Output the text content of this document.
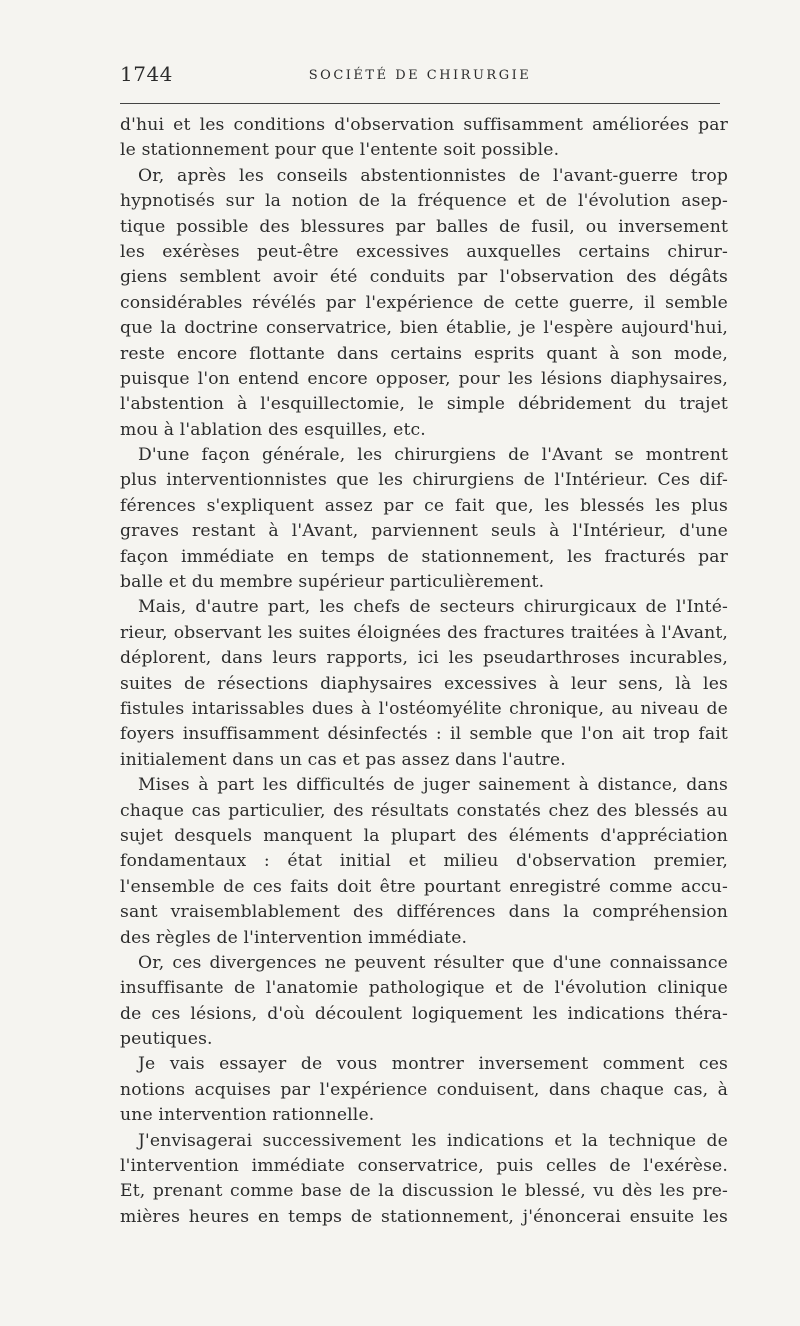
1744	SOCIÉTÉ DE CHIRURGIE
d'hui et les conditions d'observation suffisamment améliorées par
le stationnement pour que l'entente soit possible.
Or, après les conseils abstentionnistes de l'avant-guerre trop
hypnotisés sur la notion de la fréquence et de l'évolution asep-
tique possible des blessures par balles de fusil, ou inversement
les exérèses peut-être excessives auxquelles certains chirur-
giens semblent avoir été conduits par l'observation des dégâts
considérables révélés par l'expérience de cette guerre, il semble
que la doctrine conservatrice, bien établie, je l'espère aujourd'hui,
reste encore flottante dans certains esprits quant à son mode,
puisque l'on entend encore opposer, pour les lésions diaphysaires,
l'abstention à l'esquillectomie, le simple débridement du trajet
mou à l'ablation des esquilles, etc.
D'une façon générale, les chirurgiens de l'Avant se montrent
plus interventionnistes que les chirurgiens de l'Intérieur. Ces dif-
férences s'expliquent assez par ce fait que, les blessés les plus
graves restant à l'Avant, parviennent seuls à l'Intérieur, d'une
façon immédiate en temps de stationnement, les fracturés par
balle et du membre supérieur particulièrement.
Mais, d'autre part, les chefs de secteurs chirurgicaux de l'Inté-
rieur, observant les suites éloignées des fractures traitées à l'Avant,
déplorent, dans leurs rapports, ici les pseudarthroses incurables,
suites de résections diaphysaires excessives à leur sens, là les
fistules intarissables dues à l'ostéomyélite chronique, au niveau de
foyers insuffisamment désinfectés : il semble que l'on ait trop fait
initialement dans un cas et pas assez dans l'autre.
Mises à part les difficultés de juger sainement à distance, dans
chaque cas particulier, des résultats constatés chez des blessés au
sujet desquels manquent la plupart des éléments d'appréciation
fondamentaux : état initial et milieu d'observation premier,
l'ensemble de ces faits doit être pourtant enregistré comme accu-
sant vraisemblablement des différences dans la compréhension
des règles de l'intervention immédiate.
Or, ces divergences ne peuvent résulter que d'une connaissance
insuffisante de l'anatomie pathologique et de l'évolution clinique
de ces lésions, d'où découlent logiquement les indications théra-
peutiques.
Je vais essayer de vous montrer inversement comment ces
notions acquises par l'expérience conduisent, dans chaque cas, à
une intervention rationnelle.
J'envisagerai successivement les indications et la technique de
l'intervention immédiate conservatrice, puis celles de l'exérèse.
Et, prenant comme base de la discussion le blessé, vu dès les pre-
mières heures en temps de stationnement, j'énoncerai ensuite les
